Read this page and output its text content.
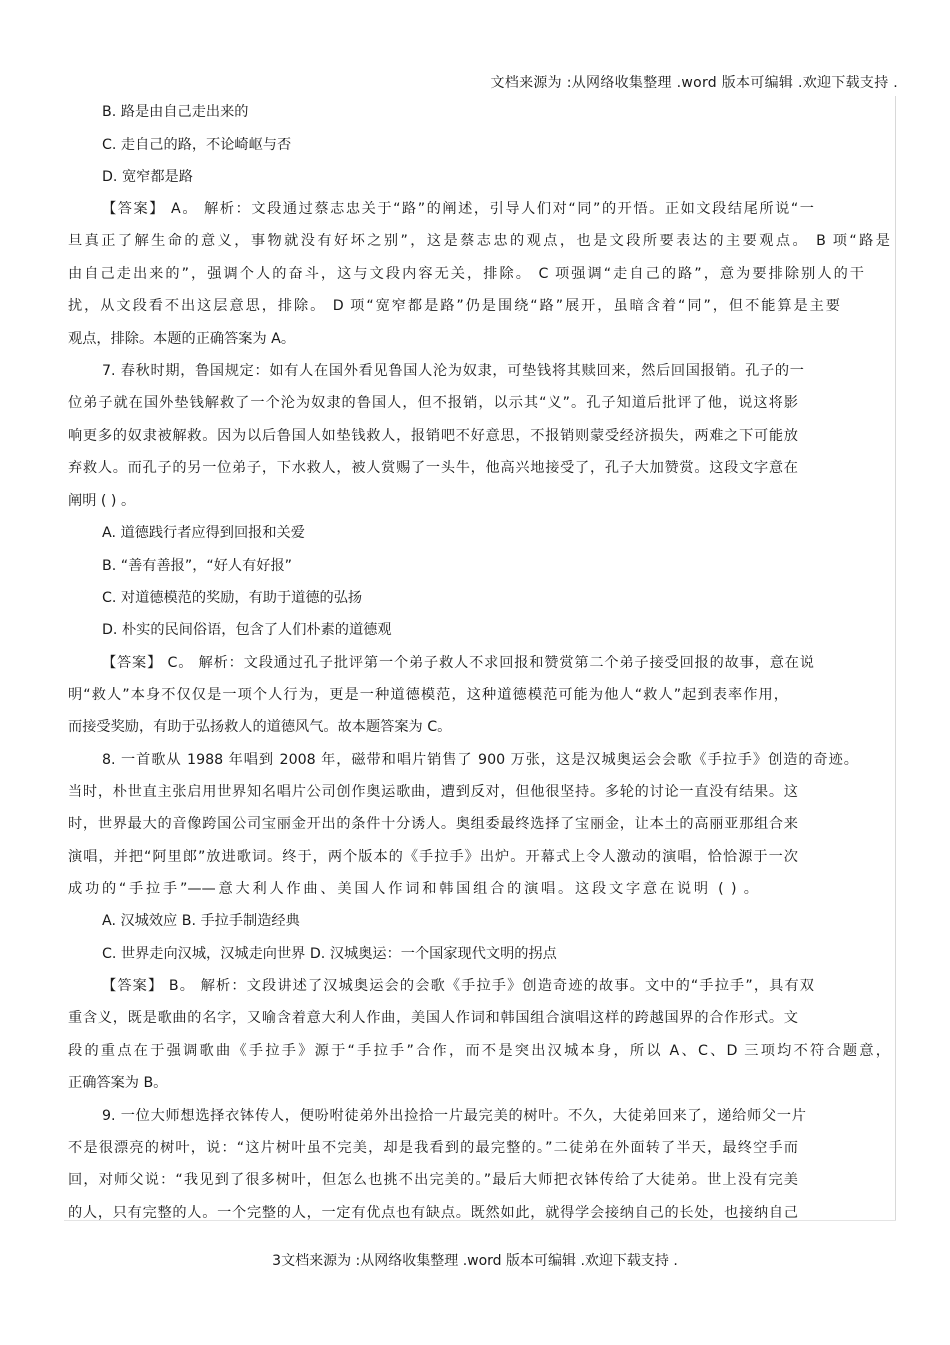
文档来源为 :从网络收集整理 .word 版本可编辑 .欢迎下载支持 .
B. 路是由自己走出来的
C. 走自己的路，不论崎岖与否
D. 宽窄都是路
【答案】 A。 解析：文段通过蔡志忠关于“路”的阐述，引导人们对“同”的开悟。正如文段结尾所说“一
旦真正了解生命的意义，事物就没有好坏之别”，这是蔡志忠的观点，也是文段所要表达的主要观点。 B 项“路是
由自己走出来的”，强调个人的奋斗，这与文段内容无关，排除。 C 项强调“走自己的路”，意为要排除别人的干
扰，从文段看不出这层意思，排除。 D 项“宽窄都是路”仍是围绕“路”展开，虽暗含着“同”，但不能算是主要
观点，排除。本题的正确答案为 A。
7. 春秋时期，鲁国规定：如有人在国外看见鲁国人沦为奴隶，可垫钱将其赎回来，然后回国报销。孔子的一
位弟子就在国外垫钱解救了一个沦为奴隶的鲁国人，但不报销，以示其“义”。孔子知道后批评了他，说这将影
响更多的奴隶被解救。因为以后鲁国人如垫钱救人，报销吧不好意思，不报销则蒙受经济损失，两难之下可能放
弃救人。而孔子的另一位弟子，下水救人，被人赏赐了一头牛，他高兴地接受了，孔子大加赞赏。这段文字意在
阐明 ( ) 。
A. 道德践行者应得到回报和关爱
B. “善有善报”，“好人有好报”
C. 对道德模范的奖励，有助于道德的弘扬
D. 朴实的民间俗语，包含了人们朴素的道德观
【答案】 C。 解析：文段通过孔子批评第一个弟子救人不求回报和赞赏第二个弟子接受回报的故事，意在说
明“救人”本身不仅仅是一项个人行为，更是一种道德模范，这种道德模范可能为他人“救人”起到表率作用，
而接受奖励，有助于弘扬救人的道德风气。故本题答案为 C。
8. 一首歌从 1988 年唱到 2008 年，磁带和唱片销售了 900 万张，这是汉城奥运会会歌《手拉手》创造的奇迹。
当时，朴世直主张启用世界知名唱片公司创作奥运歌曲，遭到反对，但他很坚持。多轮的讨论一直没有结果。这
时，世界最大的音像跨国公司宝丽金开出的条件十分诱人。奥组委最终选择了宝丽金，让本土的高丽亚那组合来
演唱，并把“阿里郎”放进歌词。终于，两个版本的《手拉手》出炉。开幕式上令人激动的演唱，恰恰源于一次
成功的“手拉手”——意大利人作曲、美国人作词和韩国组合的演唱。这段文字意在说明 ( ) 。
A. 汉城效应 B. 手拉手制造经典
C. 世界走向汉城，汉城走向世界 D. 汉城奥运：一个国家现代文明的拐点
【答案】 B。 解析：文段讲述了汉城奥运会的会歌《手拉手》创造奇迹的故事。文中的“手拉手”，具有双
重含义，既是歌曲的名字，又喻含着意大利人作曲，美国人作词和韩国组合演唱这样的跨越国界的合作形式。文
段的重点在于强调歌曲《手拉手》源于“手拉手”合作，而不是突出汉城本身，所以 A、C、D 三项均不符合题意，
正确答案为 B。
9. 一位大师想选择衣钵传人，便吩咐徒弟外出捡拾一片最完美的树叶。不久，大徒弟回来了，递给师父一片
不是很漂亮的树叶，说：“这片树叶虽不完美，却是我看到的最完整的。”二徒弟在外面转了半天，最终空手而
回，对师父说：“我见到了很多树叶，但怎么也挑不出完美的。”最后大师把衣钵传给了大徒弟。世上没有完美
的人，只有完整的人。一个完整的人，一定有优点也有缺点。既然如此，就得学会接纳自己的长处，也接纳自己
3文档来源为 :从网络收集整理 .word 版本可编辑 .欢迎下载支持 .
